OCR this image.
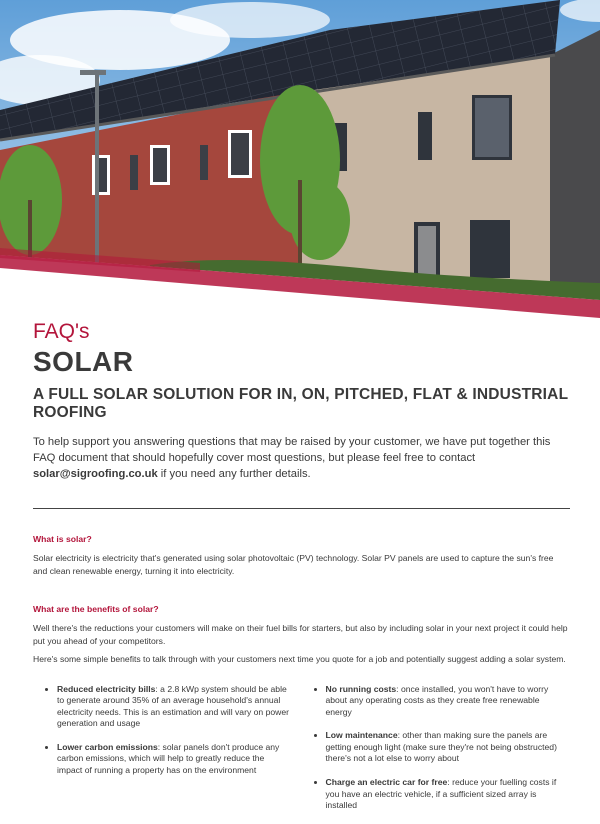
FAQ's

SOLAR
A FULL SOLAR SOLUTION FOR IN, ON, PITCHED, FLAT & INDUSTRIAL ROOFING

To help support you answering questions that may be raised by your customer, we have put together this FAQ document that should hopefully cover most questions, but please feel free to contact solar@sigroofing.co.uk if you need any further details.

What is solar?

Solar electricity is electricity that's generated using solar photovoltaic (PV) technology. Solar PV panels are used to capture the sun's free and clean renewable energy, turning it into electricity.

What are the benefits of solar?

Well there's the reductions your customers will make on their fuel bills for starters, but also by including solar in your next project it could help put you ahead of your competitors.

Here's some simple benefits to talk through with your customers next time you quote for a job and potentially suggest adding a solar system.

• Reduced electricity bills: a 2.8 kWp system should be able to generate around 35% of an average household's annual electricity needs. This is an estimation and will vary on power generation and usage
• Lower carbon emissions: solar panels don't produce any carbon emissions, which will help to greatly reduce the impact of running a property has on the environment
• No running costs: once installed, you won't have to worry about any operating costs as they create free renewable energy
• Low maintenance: other than making sure the panels are getting enough light (make sure they're not being obstructed) there's not a lot else to worry about
• Charge an electric car for free: reduce your fuelling costs if you have an electric vehicle, if a sufficient sized array is installed
